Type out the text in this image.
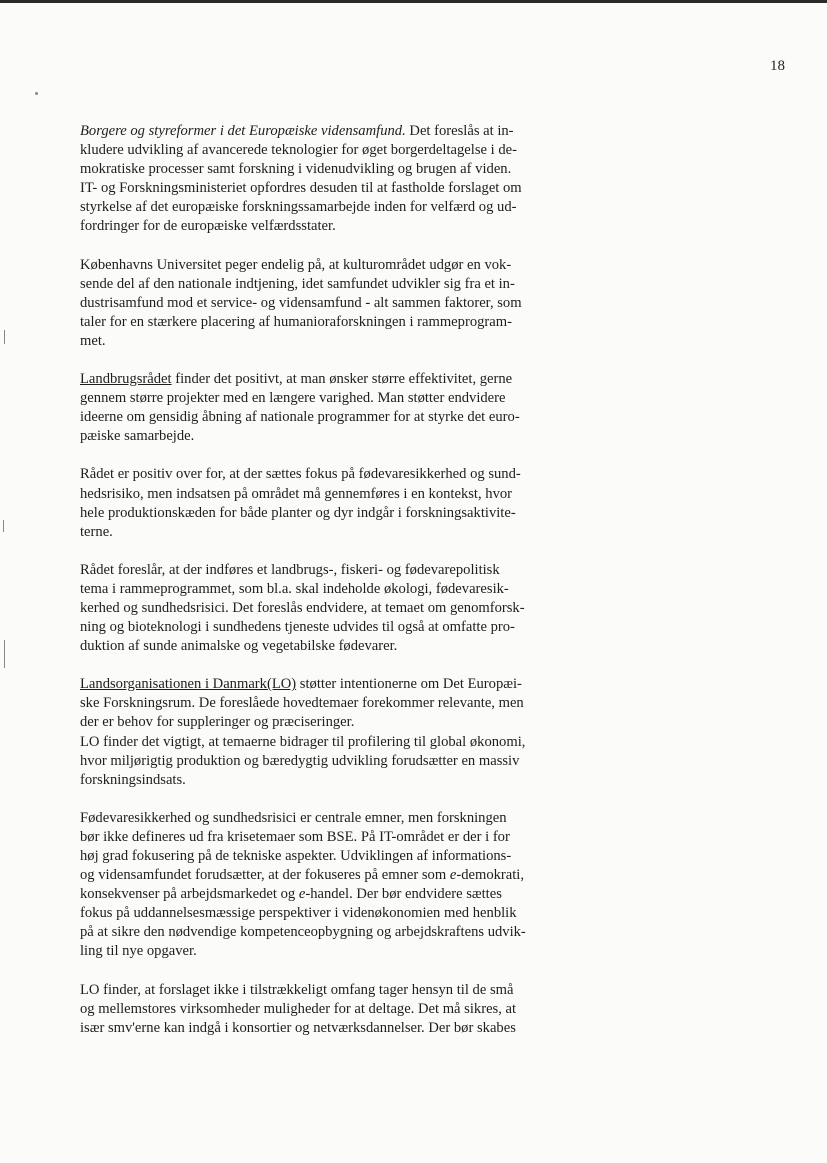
18
Borgere og styreformer i det Europæiske vidensamfund. Det foreslås at in-
kludere udvikling af avancerede teknologier for øget borgerdeltagelse i de-
mokratiske processer samt forskning i videnudvikling og brugen af viden.
IT- og Forskningsministeriet opfordres desuden til at fastholde forslaget om
styrkelse af det europæiske forskningssamarbejde inden for velfærd og ud-
fordringer for de europæiske velfærdsstater.
Københavns Universitet peger endelig på, at kulturområdet udgør en vok-
sende del af den nationale indtjening, idet samfundet udvikler sig fra et in-
dustrisamfund mod et service- og vidensamfund - alt sammen faktorer, som
taler for en stærkere placering af humanioraforskningen i rammeprogram-
met.
Landbrugsrådet finder det positivt, at man ønsker større effektivitet, gerne
gennem større projekter med en længere varighed. Man støtter endvidere
ideerne om gensidig åbning af nationale programmer for at styrke det euro-
pæiske samarbejde.
Rådet er positiv over for, at der sættes fokus på fødevaresikkerhed og sund-
hedsrisiko, men indsatsen på området må gennemføres i en kontekst, hvor
hele produktionskæden for både planter og dyr indgår i forskningsaktivite-
terne.
Rådet foreslår, at der indføres et landbrugs-, fiskeri- og fødevarepolitisk
tema i rammeprogrammet, som bl.a. skal indeholde økologi, fødevaresik-
kerhed og sundhedsrisici. Det foreslås endvidere, at temaet om genomforsk-
ning og bioteknologi i sundhedens tjeneste udvides til også at omfatte pro-
duktion af sunde animalske og vegetabilske fødevarer.
Landsorganisationen i Danmark(LO) støtter intentionerne om Det Europæi-
ske Forskningsrum. De foreslåede hovedtemaer forekommer relevante, men
der er behov for suppleringer og præciseringer.
LO finder det vigtigt, at temaerne bidrager til profilering til global økonomi,
hvor miljørigtig produktion og bæredygtig udvikling forudsætter en massiv
forskningsindsats.
Fødevaresikkerhed og sundhedsrisici er centrale emner, men forskningen
bør ikke defineres ud fra krisetemaer som BSE. På IT-området er der i for
høj grad fokusering på de tekniske aspekter. Udviklingen af informations-
og vidensamfundet forudsætter, at der fokuseres på emner som e-demokrati,
konsekvenser på arbejdsmarkedet og e-handel. Der bør endvidere sættes
fokus på uddannelsesmæssige perspektiver i videnøkonomien med henblik
på at sikre den nødvendige kompetenceopbygning og arbejdskraftens udvik-
ling til nye opgaver.
LO finder, at forslaget ikke i tilstrækkeligt omfang tager hensyn til de små
og mellemstores virksomheder muligheder for at deltage. Det må sikres, at
især smv'erne kan indgå i konsortier og netværksdannelser. Der bør skabes
